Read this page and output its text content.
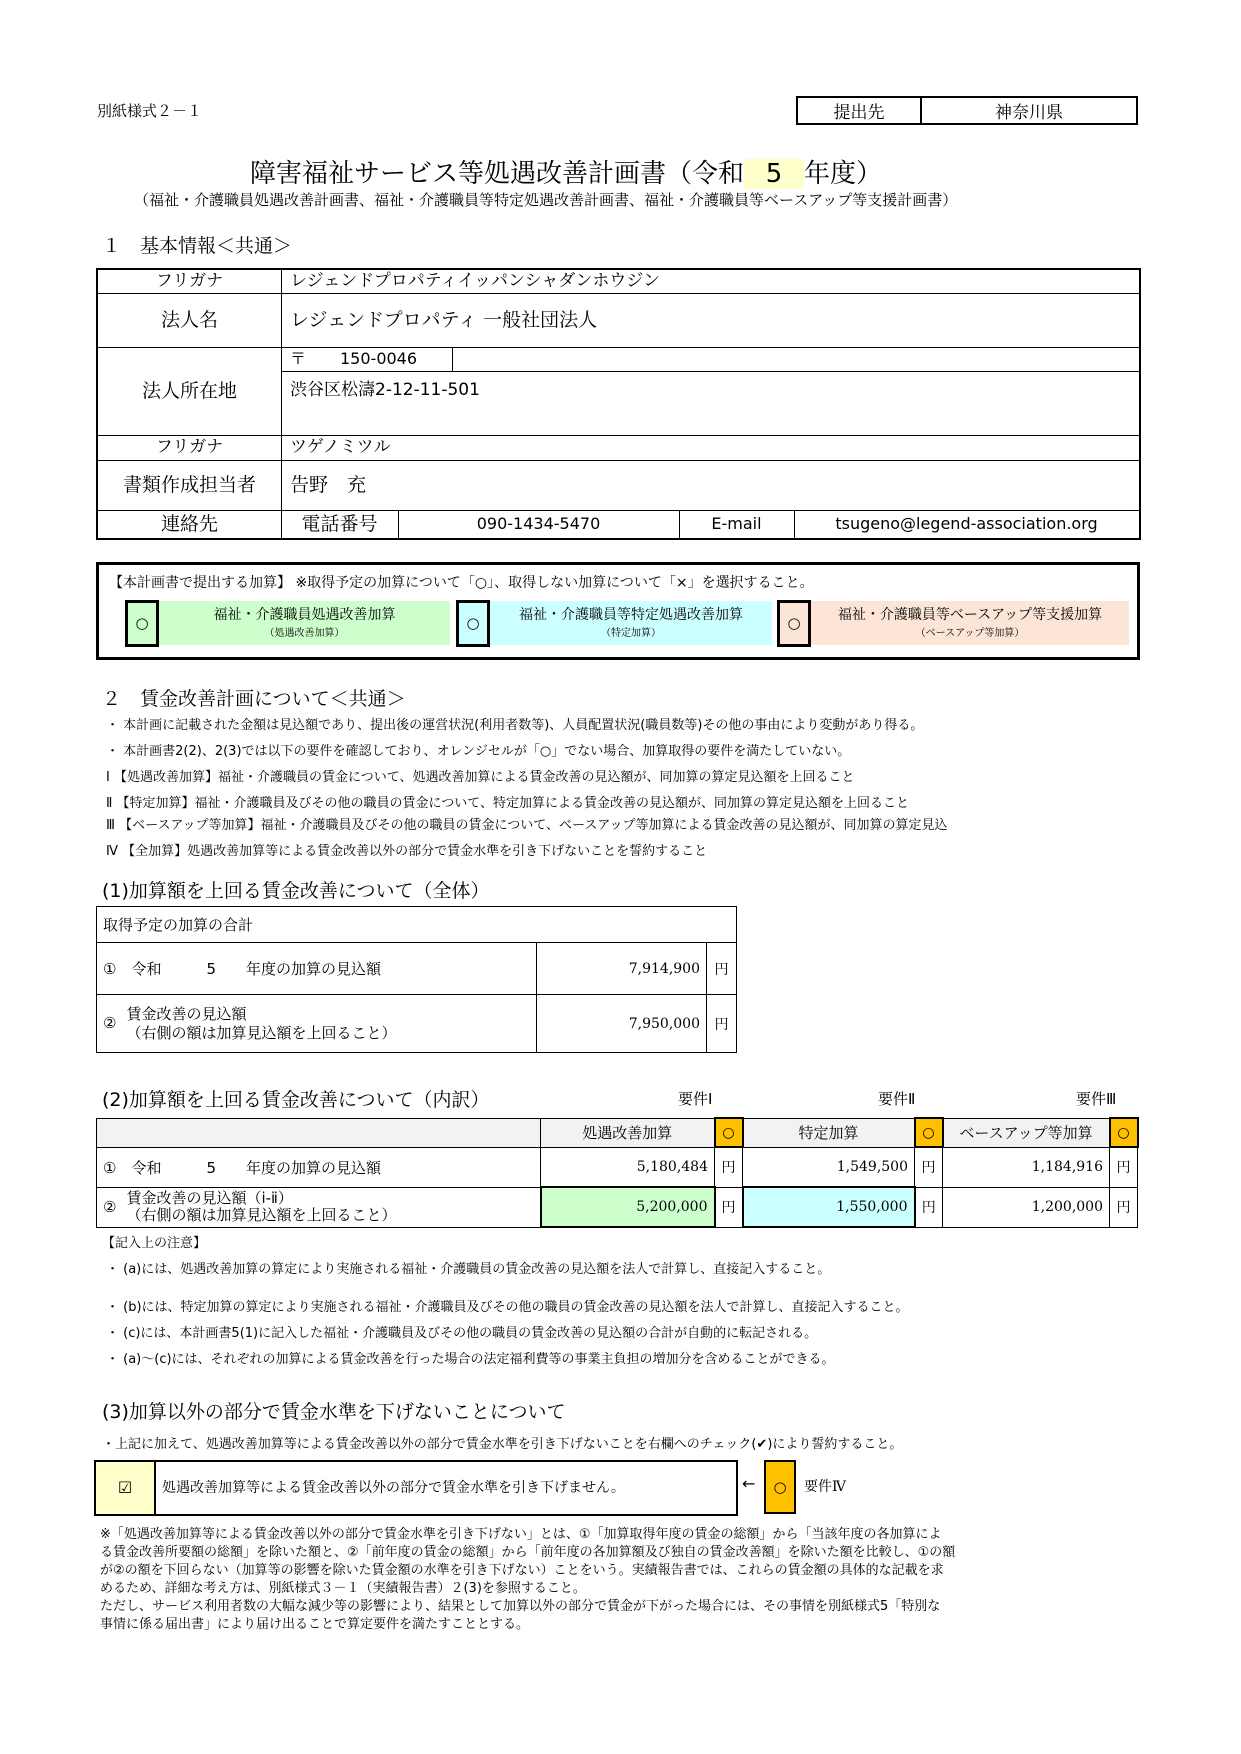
別紙様式２－１	提出先	神奈川県
障害福祉サービス等処遇改善計画書（令和 5 年度）
（福祉・介護職員処遇改善計画書、福祉・介護職員等特定処遇改善計画書、福祉・介護職員等ベースアップ等支援計画書）
１　基本情報＜共通＞
フリガナ	レジェンドプロパティイッパンシャダンホウジン
法人名	レジェンドプロパティ 一般社団法人
法人所在地
〒 150-0046
渋谷区松濤2-12-11-501
フリガナ	ツゲノミツル
書類作成担当者	告野　充
連絡先	電話番号	090-1434-5470	E-mail	tsugeno@legend-association.org
【本計画書で提出する加算】 ※取得予定の加算について「○」、取得しない加算について「×」を選択すること。
○	福祉・介護職員処遇改善加算
（処遇改善加算）
○	福祉・介護職員等特定処遇改善加算
（特定加算）
○	福祉・介護職員等ベースアップ等支援加算
（ベースアップ等加算）
２　賃金改善計画について＜共通＞
・ 本計画に記載された金額は見込額であり、提出後の運営状況(利用者数等)、人員配置状況(職員数等)その他の事由により変動があり得る。
・ 本計画書2(2)、2(3)では以下の要件を確認しており、オレンジセルが「○」でない場合、加算取得の要件を満たしていない。
Ⅰ 【処遇改善加算】福祉・介護職員の賃金について、処遇改善加算による賃金改善の見込額が、同加算の算定見込額を上回ること
Ⅱ 【特定加算】福祉・介護職員及びその他の職員の賃金について、特定加算による賃金改善の見込額が、同加算の算定見込額を上回ること
Ⅲ 【ベースアップ等加算】福祉・介護職員及びその他の職員の賃金について、ベースアップ等加算による賃金改善の見込額が、同加算の算定見込
Ⅳ 【全加算】処遇改善加算等による賃金改善以外の部分で賃金水準を引き下げないことを誓約すること
(1)加算額を上回る賃金改善について（全体）
取得予定の加算の合計		
①　 令和　　　5　　年度の加算の見込額	7,914,900	円

②
賃金改善の見込額
（右側の額は加算見込額を上回ること）	7,950,000	円
(2)加算額を上回る賃金改善について（内訳）	要件Ⅰ	要件Ⅱ	要件Ⅲ
	処遇改善加算	○	特定加算	○	ベースアップ等加算	○
①　 令和　　　5　　年度の加算の見込額	5,180,484	円	1,549,500	円	1,184,916	円

② 賃金改善の見込額（ⅰ-ⅱ）
（右側の額は加算見込額を上回ること）	5,200,000	円	1,550,000	円	1,200,000	円
【記入上の注意】
・ (a)には、処遇改善加算の算定により実施される福祉・介護職員の賃金改善の見込額を法人で計算し、直接記入すること。
・ (b)には、特定加算の算定により実施される福祉・介護職員及びその他の職員の賃金改善の見込額を法人で計算し、直接記入すること。
・ (c)には、本計画書5(1)に記入した福祉・介護職員及びその他の職員の賃金改善の見込額の合計が自動的に転記される。
・ (a)～(c)には、それぞれの加算による賃金改善を行った場合の法定福利費等の事業主負担の増加分を含めることができる。
(3)加算以外の部分で賃金水準を下げないことについて
・上記に加えて、処遇改善加算等による賃金改善以外の部分で賃金水準を引き下げないことを右欄へのチェック(✔)により誓約すること。
☑	処遇改善加算等による賃金改善以外の部分で賃金水準を引き下げません。	←	○	要件Ⅳ
※「処遇改善加算等による賃金改善以外の部分で賃金水準を引き下げない」とは、①「加算取得年度の賃金の総額」から「当該年度の各加算によ
る賃金改善所要額の総額」を除いた額と、②「前年度の賃金の総額」から「前年度の各加算額及び独自の賃金改善額」を除いた額を比較し、①の額
が②の額を下回らない（加算等の影響を除いた賃金額の水準を引き下げない）ことをいう。実績報告書では、これらの賃金額の具体的な記載を求
めるため、詳細な考え方は、別紙様式３－１（実績報告書）２(3)を参照すること。
ただし、サービス利用者数の大幅な減少等の影響により、結果として加算以外の部分で賃金が下がった場合には、その事情を別紙様式5「特別な
事情に係る届出書」により届け出ることで算定要件を満たすこととする。
